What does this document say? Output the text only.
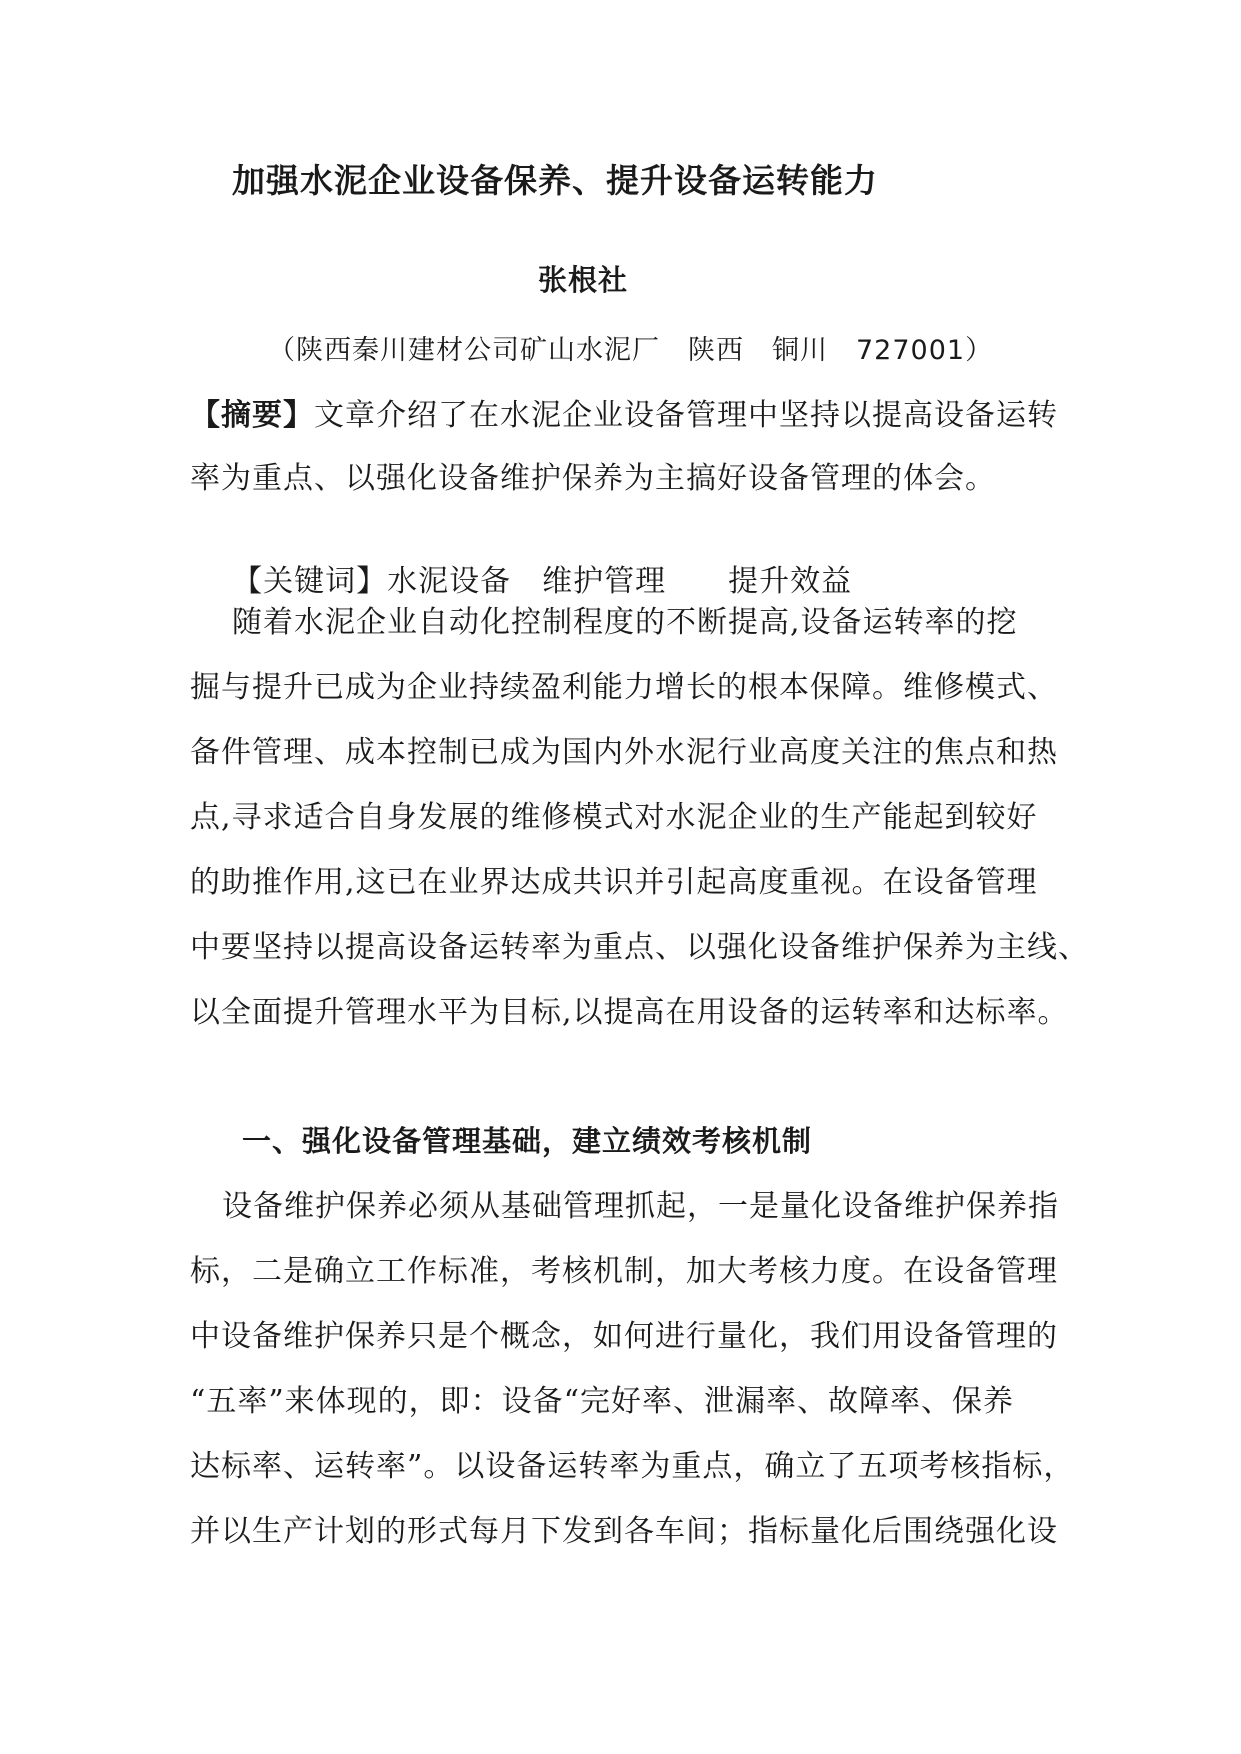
加强水泥企业设备保养、提升设备运转能力
张根社
（陕西秦川建材公司矿山水泥厂　陕西　铜川　727001）
【摘要】文章介绍了在水泥企业设备管理中坚持以提高设备运转
率为重点、以强化设备维护保养为主搞好设备管理的体会。

【关键词】水泥设备　维护管理　　提升效益

随着水泥企业自动化控制程度的不断提高,设备运转率的挖
掘与提升已成为企业持续盈利能力增长的根本保障。维修模式、
备件管理、成本控制已成为国内外水泥行业高度关注的焦点和热
点,寻求适合自身发展的维修模式对水泥企业的生产能起到较好
的助推作用,这已在业界达成共识并引起高度重视。在设备管理
中要坚持以提高设备运转率为重点、以强化设备维护保养为主线、
以全面提升管理水平为目标,以提高在用设备的运转率和达标率。
一、强化设备管理基础，建立绩效考核机制
设备维护保养必须从基础管理抓起，一是量化设备维护保养指
标，二是确立工作标准，考核机制，加大考核力度。在设备管理
中设备维护保养只是个概念，如何进行量化，我们用设备管理的
“五率”来体现的，即：设备“完好率、泄漏率、故障率、保养
达标率、运转率”。以设备运转率为重点，确立了五项考核指标，
并以生产计划的形式每月下发到各车间；指标量化后围绕强化设
